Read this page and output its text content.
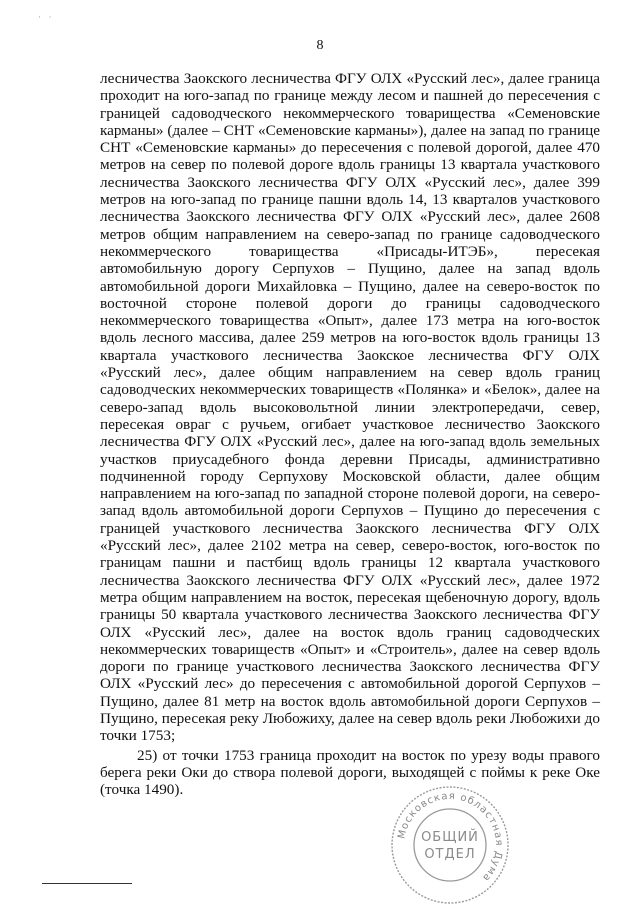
·  ·
8

лесничества Заокского лесничества ФГУ ОЛХ «Русский лес», далее граница проходит на юго-запад по границе между лесом и пашней до пересечения с границей садоводческого некоммерческого товарищества «Семеновские карманы» (далее – СНТ «Семеновские карманы»), далее на запад по границе СНТ «Семеновские карманы» до пересечения с полевой дорогой, далее 470 метров на север по полевой дороге вдоль границы 13 квартала участкового лесничества Заокского лесничества ФГУ ОЛХ «Русский лес», далее 399 метров на юго-запад по границе пашни вдоль 14, 13 кварталов участкового лесничества Заокского лесничества ФГУ ОЛХ «Русский лес», далее 2608 метров общим направлением на северо-запад по границе садоводческого некоммерческого товарищества «Присады-ИТЭБ», пересекая автомобильную дорогу Серпухов – Пущино, далее на запад вдоль автомобильной дороги Михайловка – Пущино, далее на северо-восток по восточной стороне полевой дороги до границы садоводческого некоммерческого товарищества «Опыт», далее 173 метра на юго-восток вдоль лесного массива, далее 259 метров на юго-восток вдоль границы 13 квартала участкового лесничества Заокское лесничества ФГУ ОЛХ «Русский лес», далее общим направлением на север вдоль границ садоводческих некоммерческих товариществ «Полянка» и «Белок», далее на северо-запад вдоль высоковольтной линии электропередачи, север, пересекая овраг с ручьем, огибает участковое лесничество Заокского лесничества ФГУ ОЛХ «Русский лес», далее на юго-запад вдоль земельных участков приусадебного фонда деревни Присады, административно подчиненной городу Серпухову Московской области, далее общим направлением на юго-запад по западной стороне полевой дороги, на северо-запад вдоль автомобильной дороги Серпухов – Пущино до пересечения с границей участкового лесничества Заокского лесничества ФГУ ОЛХ «Русский лес», далее 2102 метра на север, северо-восток, юго-восток по границам пашни и пастбищ вдоль границы 12 квартала участкового лесничества Заокского лесничества ФГУ ОЛХ «Русский лес», далее 1972 метра общим направлением на восток, пересекая щебеночную дорогу, вдоль границы 50 квартала участкового лесничества Заокского лесничества ФГУ ОЛХ «Русский лес», далее на восток вдоль границ садоводческих некоммерческих товариществ «Опыт» и «Строитель», далее на север вдоль дороги по границе участкового лесничества Заокского лесничества ФГУ ОЛХ «Русский лес» до пересечения с автомобильной дорогой Серпухов – Пущино, далее 81 метр на восток вдоль автомобильной дороги Серпухов – Пущино, пересекая реку Любожиху, далее на север вдоль реки Любожихи до точки 1753;

25) от точки 1753 граница проходит на восток по урезу воды правого берега реки Оки до створа полевой дороги, выходящей с поймы к реке Оке (точка 1490).

Московская областная Дума
ОБЩИЙ
ОТДЕЛ
